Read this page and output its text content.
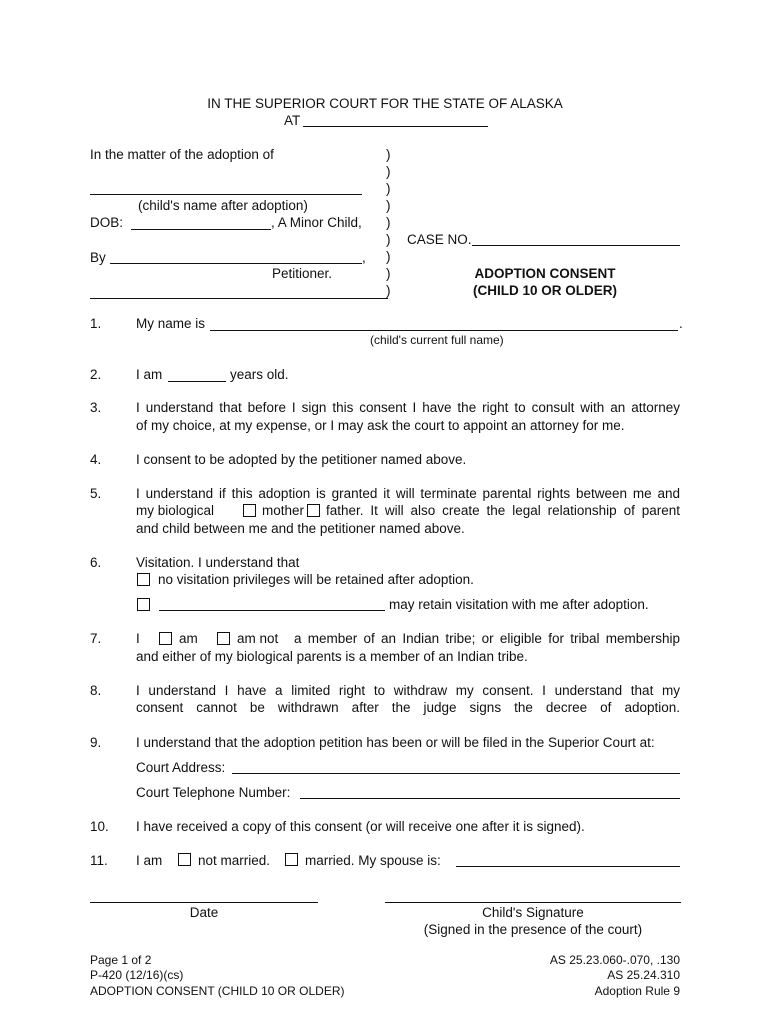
IN THE SUPERIOR COURT FOR THE STATE OF ALASKA
AT
In the matter of the adoption of
(child's name after adoption)
DOB:	, A Minor Child,
By	,
Petitioner.
)
)
)
)
)
)
)
)
)
CASE NO.
ADOPTION CONSENT
(CHILD 10 OR OLDER)
1.	My name is	.
(child's current full name)
2.	I am	years old.
3.	I understand that before I sign this consent I have the right to consult with an attorney
of my choice, at my expense, or I may ask the court to appoint an attorney for me.
4.	I consent to be adopted by the petitioner named above.
5.	I understand if this adoption is granted it will terminate parental rights between me and
my biological	mother father. It will also create the legal relationship of parent
and child between me and the petitioner named above.
6.	Visitation. I understand that
no visitation privileges will be retained after adoption.
may retain visitation with me after adoption.
7.	I	am	am not a member of an Indian tribe; or eligible for tribal membership
and either of my biological parents is a member of an Indian tribe.
8.	I understand I have a limited right to withdraw my consent. I understand that my
consent cannot be withdrawn after the judge signs the decree of adoption.
9.	I understand that the adoption petition has been or will be filed in the Superior Court at:
Court Address:
Court Telephone Number:
10. I have received a copy of this consent (or will receive one after it is signed).
11. I am	not married.	married. My spouse is:
Date	Child's Signature
(Signed in the presence of the court)
Page 1 of 2
P-420 (12/16)(cs)
ADOPTION CONSENT (CHILD 10 OR OLDER)
AS 25.23.060-.070, .130
AS 25.24.310
Adoption Rule 9
